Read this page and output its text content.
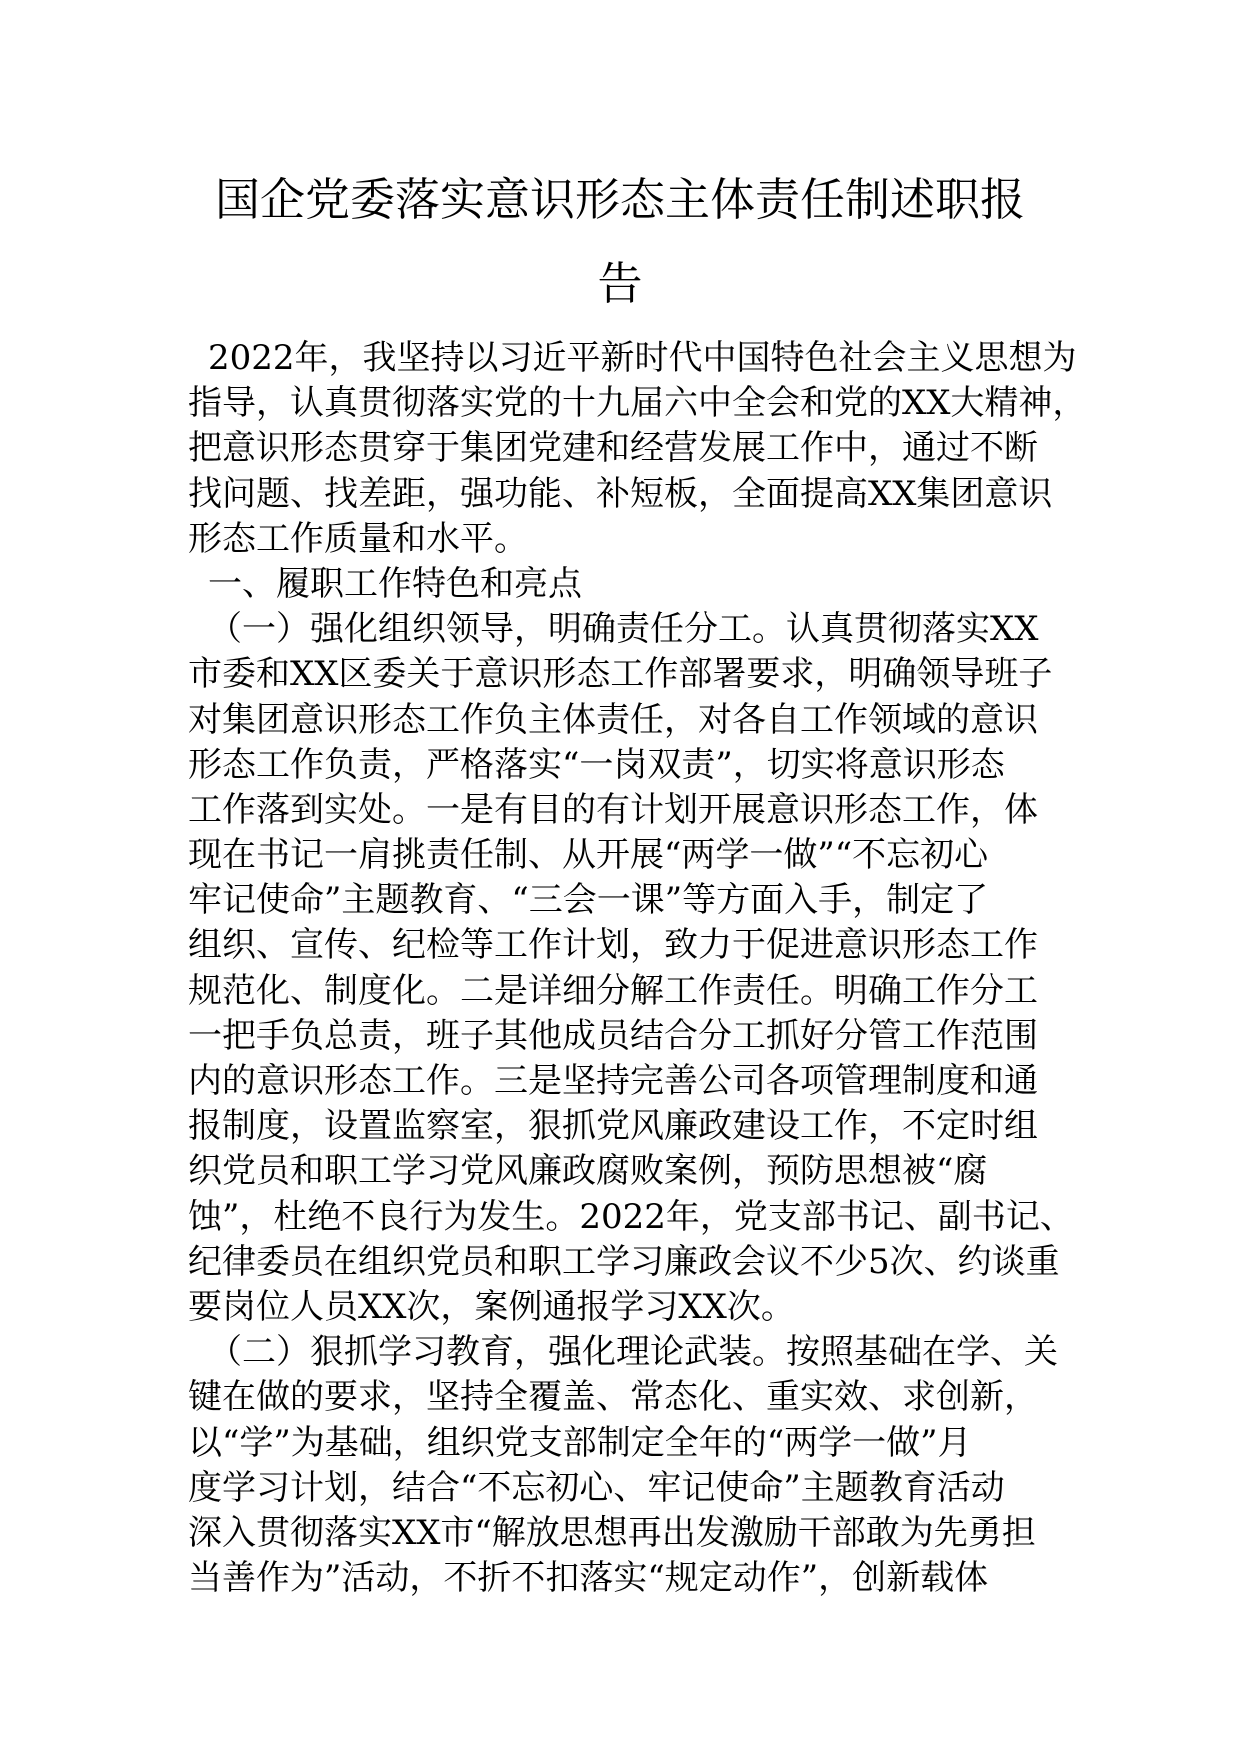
国企党委落实意识形态主体责任制述职报
告
2022年，我坚持以习近平新时代中国特色社会主义思想为
指导，认真贯彻落实党的十九届六中全会和党的XX大精神，
把意识形态贯穿于集团党建和经营发展工作中，通过不断
找问题、找差距，强功能、补短板，全面提高XX集团意识
形态工作质量和水平。
一、履职工作特色和亮点
（一）强化组织领导，明确责任分工。认真贯彻落实XX
市委和XX区委关于意识形态工作部署要求，明确领导班子
对集团意识形态工作负主体责任，对各自工作领域的意识
形态工作负责，严格落实“一岗双责”，切实将意识形态
工作落到实处。一是有目的有计划开展意识形态工作，体
现在书记一肩挑责任制、从开展“两学一做”“不忘初心
牢记使命”主题教育、“三会一课”等方面入手，制定了
组织、宣传、纪检等工作计划，致力于促进意识形态工作
规范化、制度化。二是详细分解工作责任。明确工作分工
一把手负总责，班子其他成员结合分工抓好分管工作范围
内的意识形态工作。三是坚持完善公司各项管理制度和通
报制度，设置监察室，狠抓党风廉政建设工作，不定时组
织党员和职工学习党风廉政腐败案例，预防思想被“腐
蚀”，杜绝不良行为发生。2022年，党支部书记、副书记、
纪律委员在组织党员和职工学习廉政会议不少5次、约谈重
要岗位人员XX次，案例通报学习XX次。
（二）狠抓学习教育，强化理论武装。按照基础在学、关
键在做的要求，坚持全覆盖、常态化、重实效、求创新，
以“学”为基础，组织党支部制定全年的“两学一做”月
度学习计划，结合“不忘初心、牢记使命”主题教育活动
深入贯彻落实XX市“解放思想再出发激励干部敢为先勇担
当善作为”活动，不折不扣落实“规定动作”，创新载体
